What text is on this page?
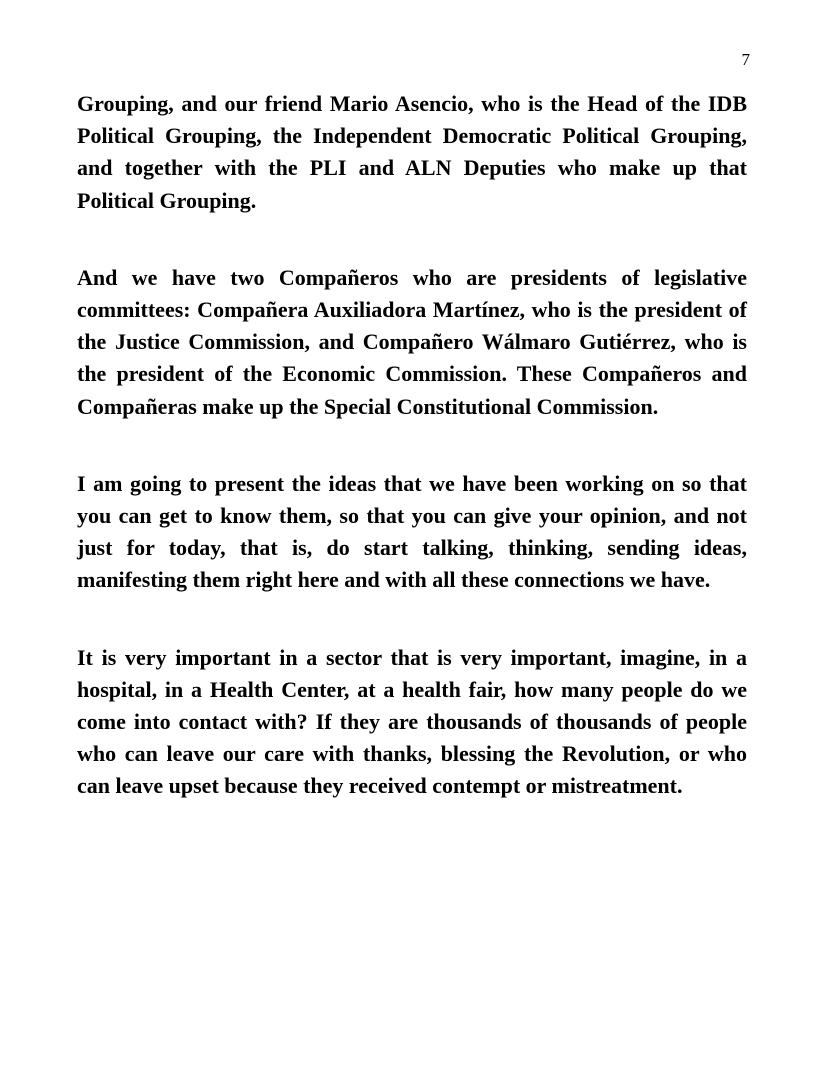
7

Grouping, and our friend Mario Asencio, who is the Head of the IDB Political Grouping, the Independent Democratic Political Grouping, and together with the PLI and ALN Deputies who make up that Political Grouping.

And we have two Compañeros who are presidents of legislative committees: Compañera Auxiliadora Martínez, who is the president of the Justice Commission, and Compañero Wálmaro Gutiérrez, who is the president of the Economic Commission. These Compañeros and Compañeras make up the Special Constitutional Commission.

I am going to present the ideas that we have been working on so that you can get to know them, so that you can give your opinion, and not just for today, that is, do start talking, thinking, sending ideas, manifesting them right here and with all these connections we have.

It is very important in a sector that is very important, imagine, in a hospital, in a Health Center, at a health fair, how many people do we come into contact with? If they are thousands of thousands of people who can leave our care with thanks, blessing the Revolution, or who can leave upset because they received contempt or mistreatment.
